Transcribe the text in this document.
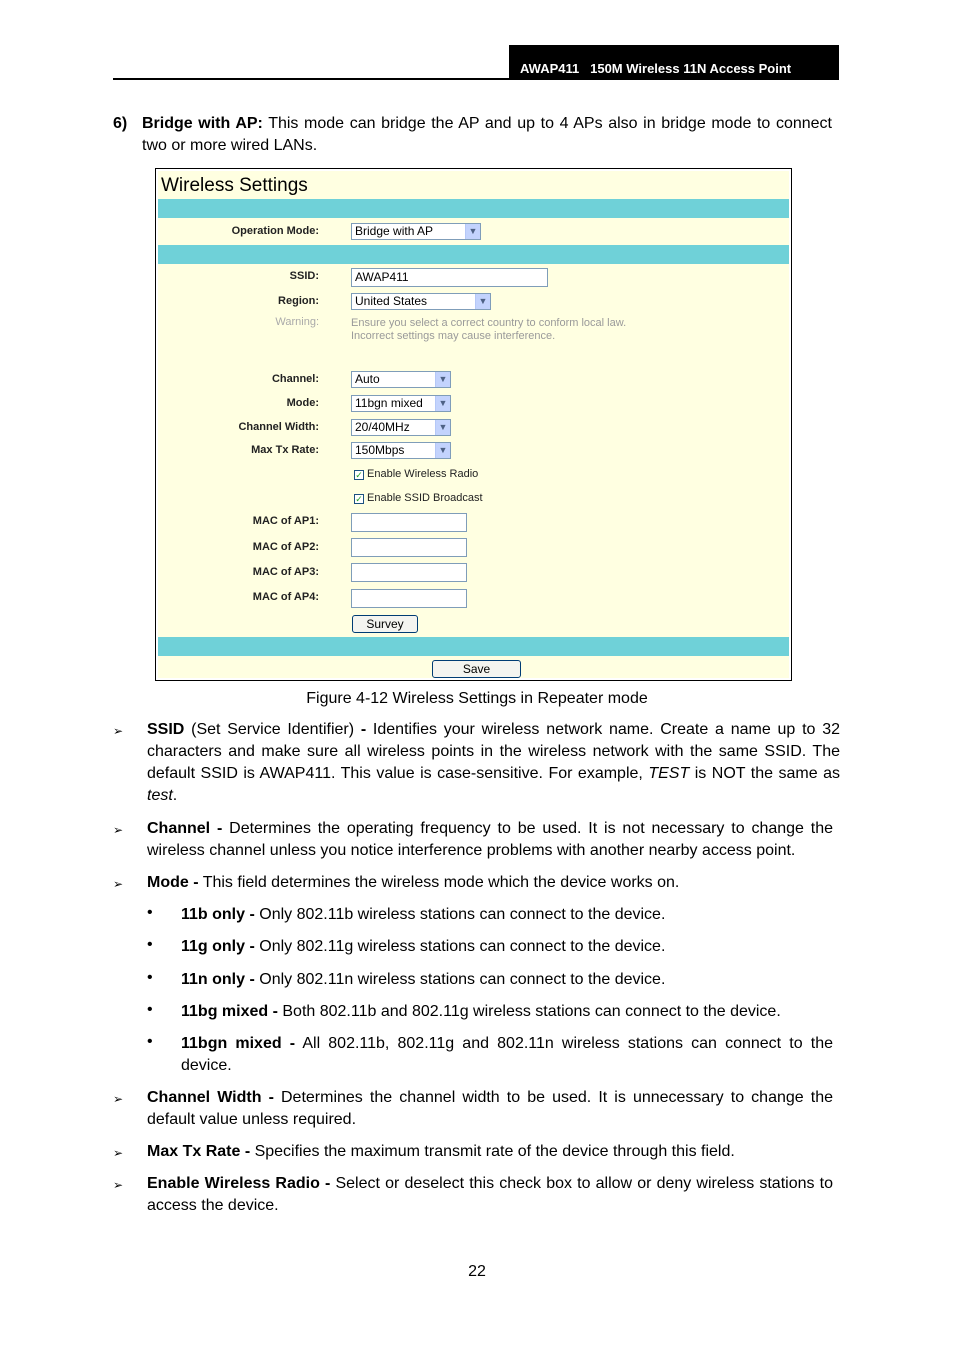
AWAP411 150M Wireless 11N Access Point
6) Bridge with AP: This mode can bridge the AP and up to 4 APs also in bridge mode to connect two or more wired LANs.
Wireless Settings
Operation Mode:	Bridge with AP	▼
SSID:	AWAP411
Region:	United States	▼
Warning:	Ensure you select a correct country to conform local law.
Incorrect settings may cause interference.
Channel:	Auto	▼
Mode:	11bgn mixed	▼
Channel Width:	20/40MHz	▼
Max Tx Rate:	150Mbps	▼
✓ Enable Wireless Radio
✓ Enable SSID Broadcast
MAC of AP1:
MAC of AP2:
MAC of AP3:
MAC of AP4:
Survey
Save
Figure 4-12 Wireless Settings in Repeater mode
➢ SSID (Set Service Identifier) - Identifies your wireless network name. Create a name up to 32 characters and make sure all wireless points in the wireless network with the same SSID. The default SSID is AWAP411. This value is case-sensitive. For example, TEST is NOT the same as test.
➢ Channel - Determines the operating frequency to be used. It is not necessary to change the wireless channel unless you notice interference problems with another nearby access point.
➢ Mode - This field determines the wireless mode which the device works on.
• 11b only - Only 802.11b wireless stations can connect to the device.
• 11g only - Only 802.11g wireless stations can connect to the device.
• 11n only - Only 802.11n wireless stations can connect to the device.
• 11bg mixed - Both 802.11b and 802.11g wireless stations can connect to the device.
• 11bgn mixed - All 802.11b, 802.11g and 802.11n wireless stations can connect to the device.
➢ Channel Width - Determines the channel width to be used. It is unnecessary to change the default value unless required.
➢ Max Tx Rate - Specifies the maximum transmit rate of the device through this field.
➢ Enable Wireless Radio - Select or deselect this check box to allow or deny wireless stations to access the device.
22
